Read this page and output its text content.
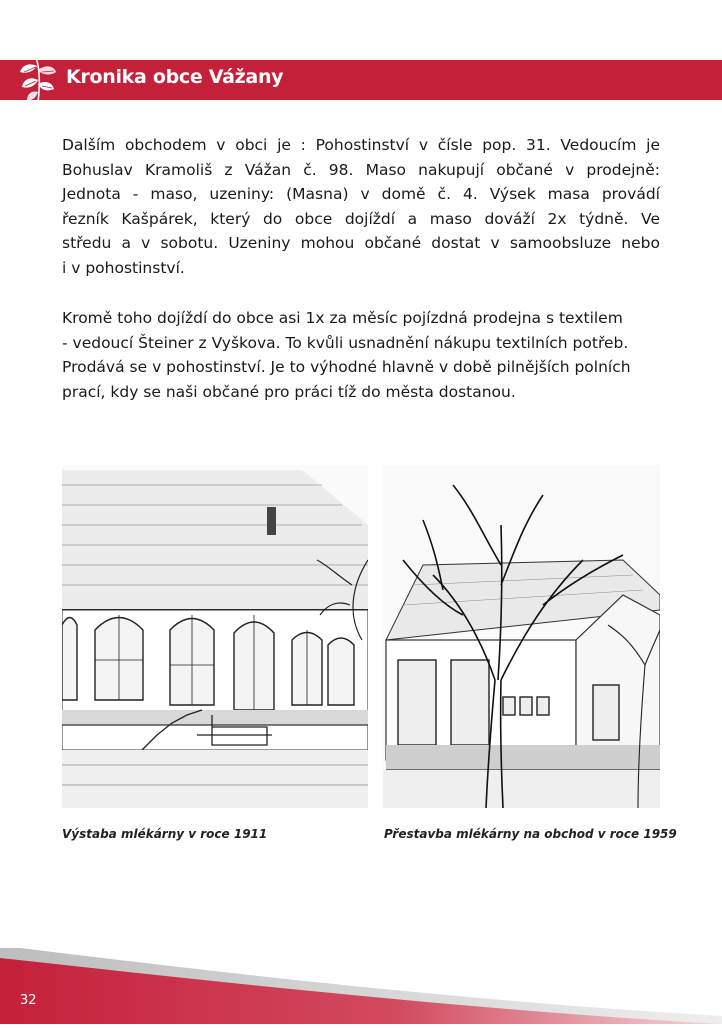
Kronika obce Vážany
Dalším obchodem v obci je : Pohostinství v čísle pop. 31. Vedoucím je
Bohuslav Kramoliš z Vážan č. 98. Maso nakupují občané v prodejně:
Jednota - maso, uzeniny: (Masna) v domě č. 4. Výsek masa provádí
řezník Kašpárek, který do obce dojíždí a maso dováží 2x týdně. Ve
středu a v sobotu. Uzeniny mohou občané dostat v samoobsluze nebo
i v pohostinství.
Kromě toho dojíždí do obce asi 1x za měsíc pojízdná prodejna s textilem
- vedoucí Šteiner z Vyškova. To kvůli usnadnění nákupu textilních potřeb.
Prodává se v pohostinství. Je to výhodné hlavně v době pilnějších polních
prací, kdy se naši občané pro práci tíž do města dostanou.
Výstaba mlékárny v roce 1911	Přestavba mlékárny na obchod v roce 1959
32
